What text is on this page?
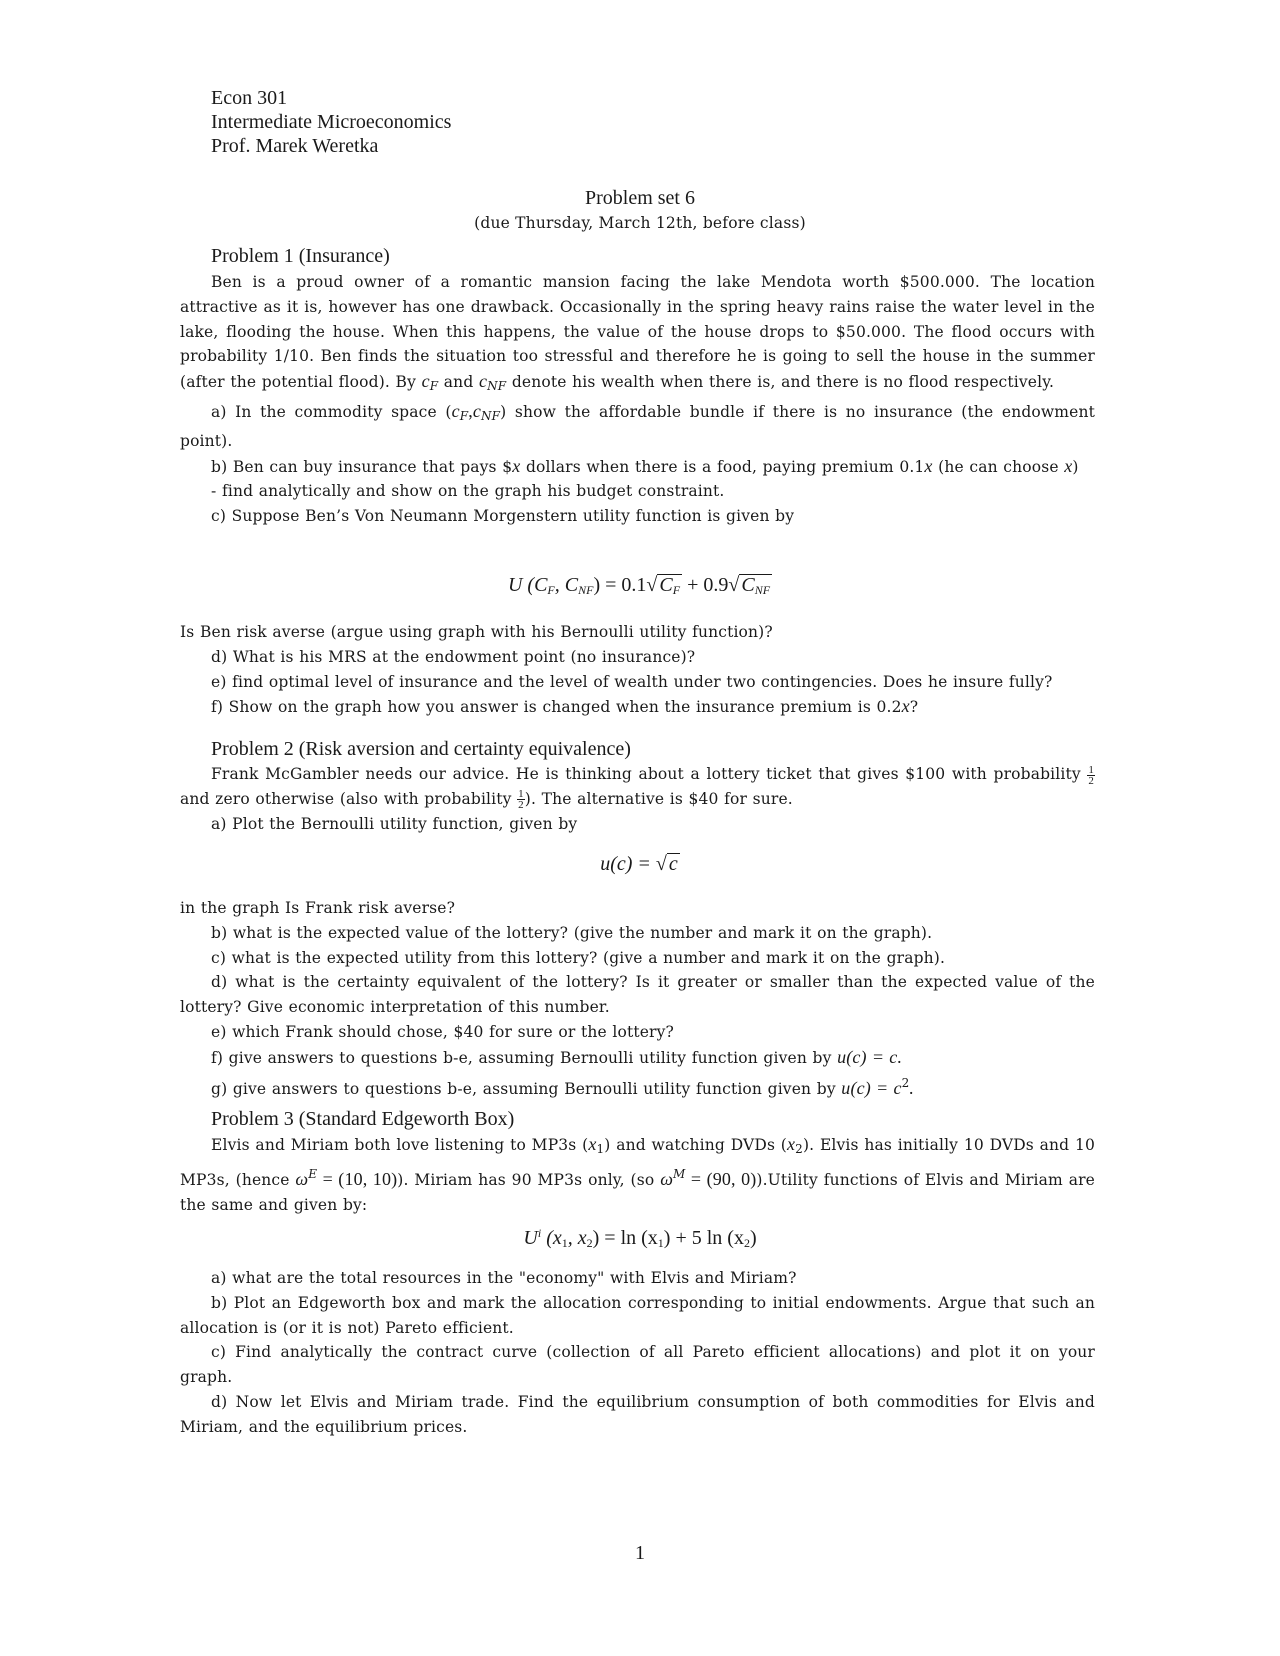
Econ 301
Intermediate Microeconomics
Prof. Marek Weretka
Problem set 6
(due Thursday, March 12th, before class)
Problem 1 (Insurance)

Ben is a proud owner of a romantic mansion facing the lake Mendota worth $500.000. The location attractive as it is, however has one drawback. Occasionally in the spring heavy rains raise the water level in the lake, flooding the house. When this happens, the value of the house drops to $50.000. The flood occurs with probability 1/10. Ben finds the situation too stressful and therefore he is going to sell the house in the summer (after the potential flood). By $c_F$ and $c_{NF}$ denote his wealth when there is, and there is no flood respectively.

a) In the commodity space $(c_F,c_{NF})$ show the affordable bundle if there is no insurance (the endowment point).

b) Ben can buy insurance that pays $x dollars when there is a food, paying premium 0.1x (he can choose x)

- find analytically and show on the graph his budget constraint.

c) Suppose Ben’s Von Neumann Morgenstern utility function is given by

U ($C_F$, $C_{NF}) = 0.1√$ $C_F + 0.9√$ $C_{NF}$

Is Ben risk averse (argue using graph with his Bernoulli utility function)?

d) What is his MRS at the endowment point (no insurance)?

e) find optimal level of insurance and the level of wealth under two contingencies. Does he insure fully?

f) Show on the graph how you answer is changed when the insurance premium is 0.2x?

Problem 2 (Risk aversion and certainty equivalence)

Frank McGambler needs our advice. He is thinking about a lottery ticket that gives $100 with probability $\frac{1}{2}$
and zero otherwise (also with probability $\frac{1}{2}$ ). The alternative is $40 for sure.

a) Plot the Bernoulli utility function, given by

u(c) = √ c

in the graph Is Frank risk averse?

b) what is the expected value of the lottery? (give the number and mark it on the graph).

c) what is the expected utility from this lottery? (give a number and mark it on the graph).

d) what is the certainty equivalent of the lottery? Is it greater or smaller than the expected value of the lottery? Give economic interpretation of this number.

e) which Frank should chose, $40 for sure or the lottery?

f) give answers to questions b-e, assuming Bernoulli utility function given by u(c) = c.

g) give answers to questions b-e, assuming Bernoulli utility function given by $u(c) = c^2$.

Problem 3 (Standard Edgeworth Box)

Elvis and Miriam both love listening to MP3s $(x_1)$ and watching DVDs $(x_2)$. Elvis has initially 10 DVDs and 10 MP3s, (hence $\omega^E = (10$, 10)). Miriam has 90 MP3s only, (so $\omega^M = (90$, 0)).Utility functions of Elvis and Miriam are the same and given by:

$U^i$ ($x_1$, $x_2) = \ln (x_1) + 5$ $\ln (x_2)$

a) what are the total resources in the "economy" with Elvis and Miriam?

b) Plot an Edgeworth box and mark the allocation corresponding to initial endowments. Argue that such an allocation is (or it is not) Pareto efficient.

c) Find analytically the contract curve (collection of all Pareto efficient allocations) and plot it on your graph.

d) Now let Elvis and Miriam trade. Find the equilibrium consumption of both commodities for Elvis and Miriam, and the equilibrium prices.

1
